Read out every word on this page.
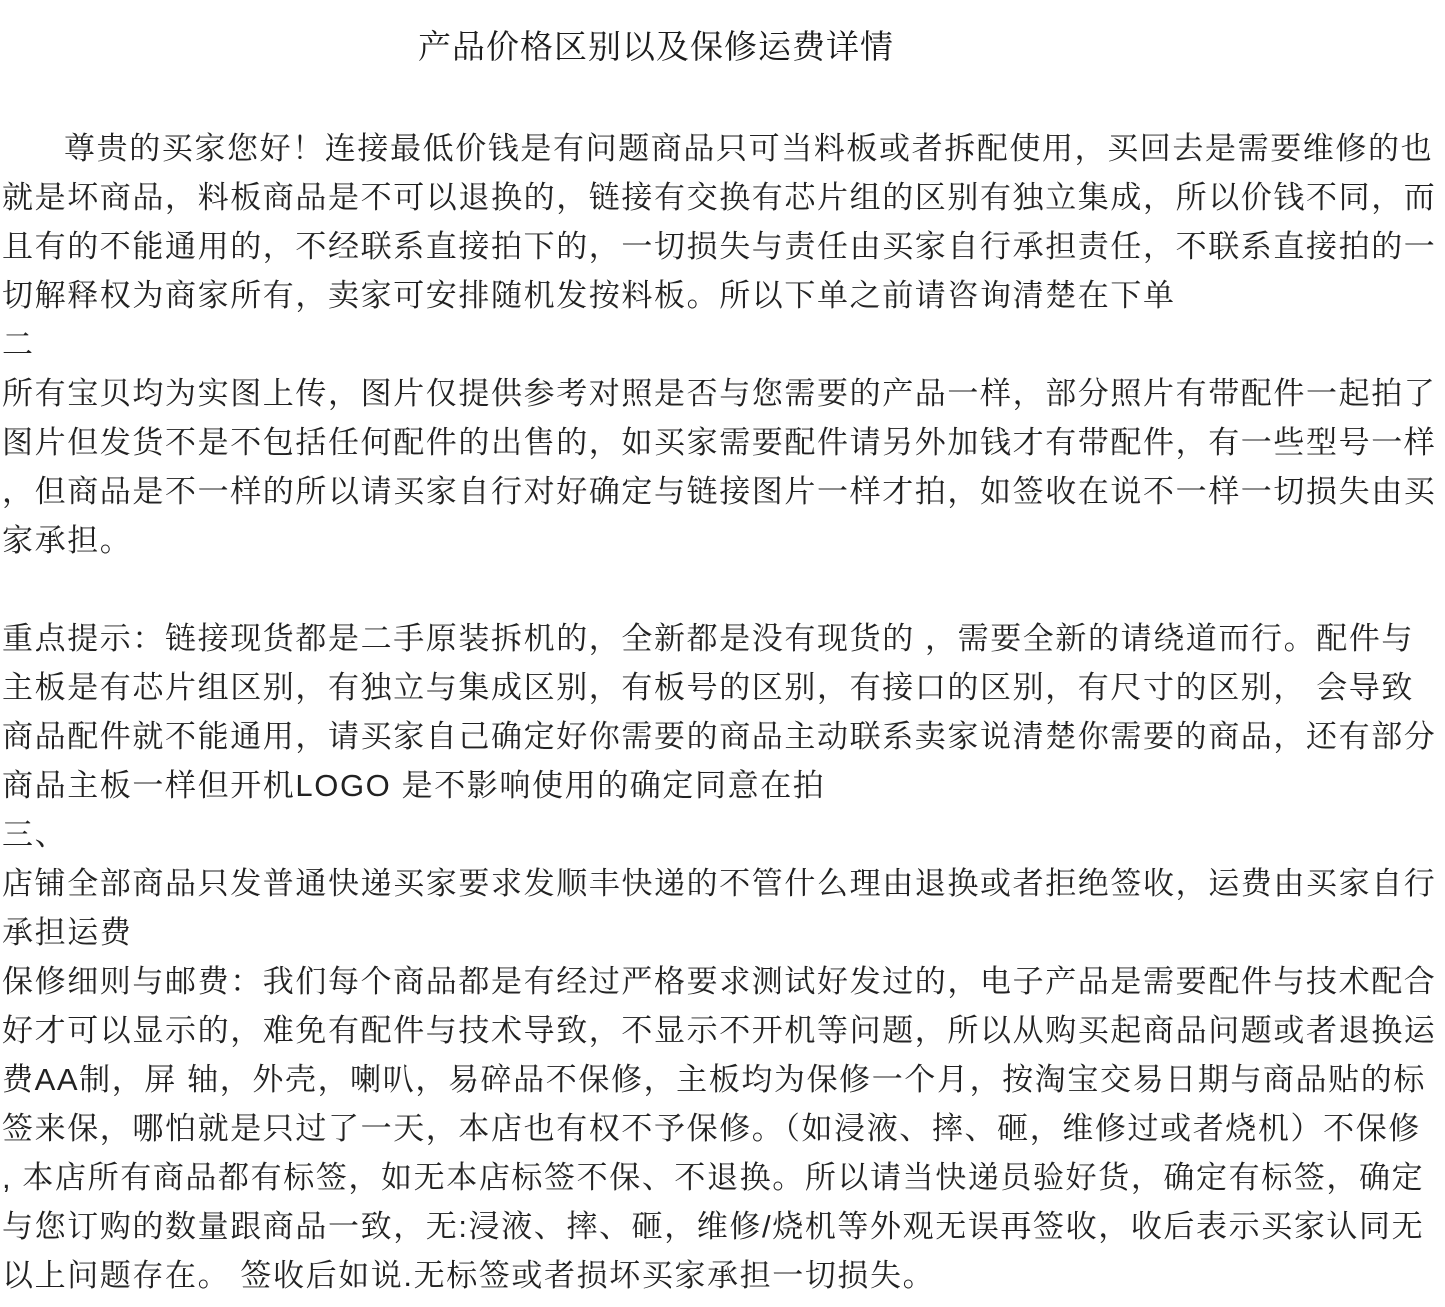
产品价格区别以及保修运费详情
尊贵的买家您好！连接最低价钱是有问题商品只可当料板或者拆配使用，买回去是需要维修的也
就是坏商品，料板商品是不可以退换的，链接有交换有芯片组的区别有独立集成，所以价钱不同，而
且有的不能通用的，不经联系直接拍下的，一切损失与责任由买家自行承担责任，不联系直接拍的一
切解释权为商家所有，卖家可安排随机发按料板。所以下单之前请咨询清楚在下单
二
所有宝贝均为实图上传，图片仅提供参考对照是否与您需要的产品一样，部分照片有带配件一起拍了
图片但发货不是不包括任何配件的出售的，如买家需要配件请另外加钱才有带配件，有一些型号一样
，但商品是不一样的所以请买家自行对好确定与链接图片一样才拍，如签收在说不一样一切损失由买
家承担。
重点提示：链接现货都是二手原装拆机的，全新都是没有现货的 ，需要全新的请绕道而行。配件与
主板是有芯片组区别，有独立与集成区别，有板号的区别，有接口的区别，有尺寸的区别， 会导致
商品配件就不能通用，请买家自己确定好你需要的商品主动联系卖家说清楚你需要的商品，还有部分
商品主板一样但开机LOGO 是不影响使用的确定同意在拍
三、
店铺全部商品只发普通快递买家要求发顺丰快递的不管什么理由退换或者拒绝签收，运费由买家自行
承担运费
保修细则与邮费：我们每个商品都是有经过严格要求测试好发过的，电子产品是需要配件与技术配合
好才可以显示的，难免有配件与技术导致，不显示不开机等问题，所以从购买起商品问题或者退换运
费AA制，屏 轴，外壳，喇叭，易碎品不保修，主板均为保修一个月，按淘宝交易日期与商品贴的标
签来保，哪怕就是只过了一天，本店也有权不予保修。（如浸液、摔、砸，维修过或者烧机）不保修
, 本店所有商品都有标签，如无本店标签不保、不退换。所以请当快递员验好货，确定有标签，确定
与您订购的数量跟商品一致，无:浸液、摔、砸，维修/烧机等外观无误再签收，收后表示买家认同无
以上问题存在。 签收后如说.无标签或者损坏买家承担一切损失。
